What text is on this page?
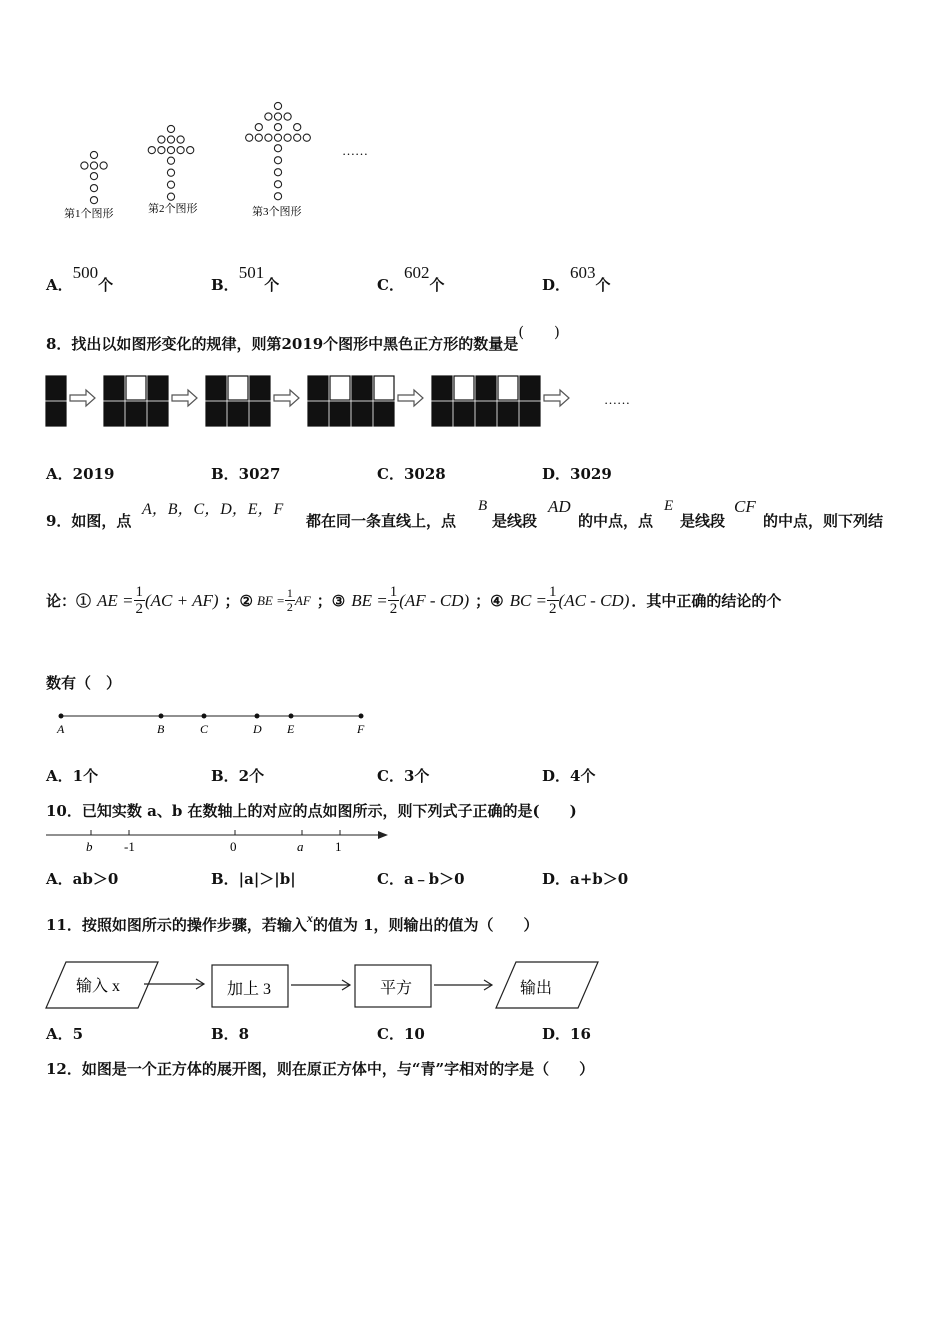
第1个图形	第2个图形	第3个图形
……
A．500个	B．501个	C．602个	D．603个
8．找出以如图形变化的规律，则第2019个图形中黑色正方形的数量是(　　)
……
A．2019	B．3027	C．3028	D．3029
9．如图，点
A，B，C，D，E，F
都在同一条直线上，点
B
是线段
AD
的中点，点
E
是线段
CF
的中点，则下列结
论：① AE = $\frac{1}{2} (AC + AF)$ ； ② BE = $\frac{1}{2}$ AF ； ③ BE = $\frac{1}{2} (AF - CD)$ ； ④ BC = $\frac{1}{2} (AC - CD)$ ．其中正确的结论的个
数有（　）
A	B	C	D E	F
A．1个	B．2个	C．3个	D．4个
10．已知实数 a、b 在数轴上的对应的点如图所示，则下列式子正确的是(　　)
b -1	0	a 1
A．ab＞0	B．|a|＞|b|	C．a﹣b＞0	D．a+b＞0
11．按照如图所示的操作步骤，若输入$^x$的值为 1，则输出的值为（　　）
输入 x	加上 3	平方	输出
A．5	B．8	C．10	D．16
12．如图是一个正方体的展开图，则在原正方体中，与“青”字相对的字是（　　）
